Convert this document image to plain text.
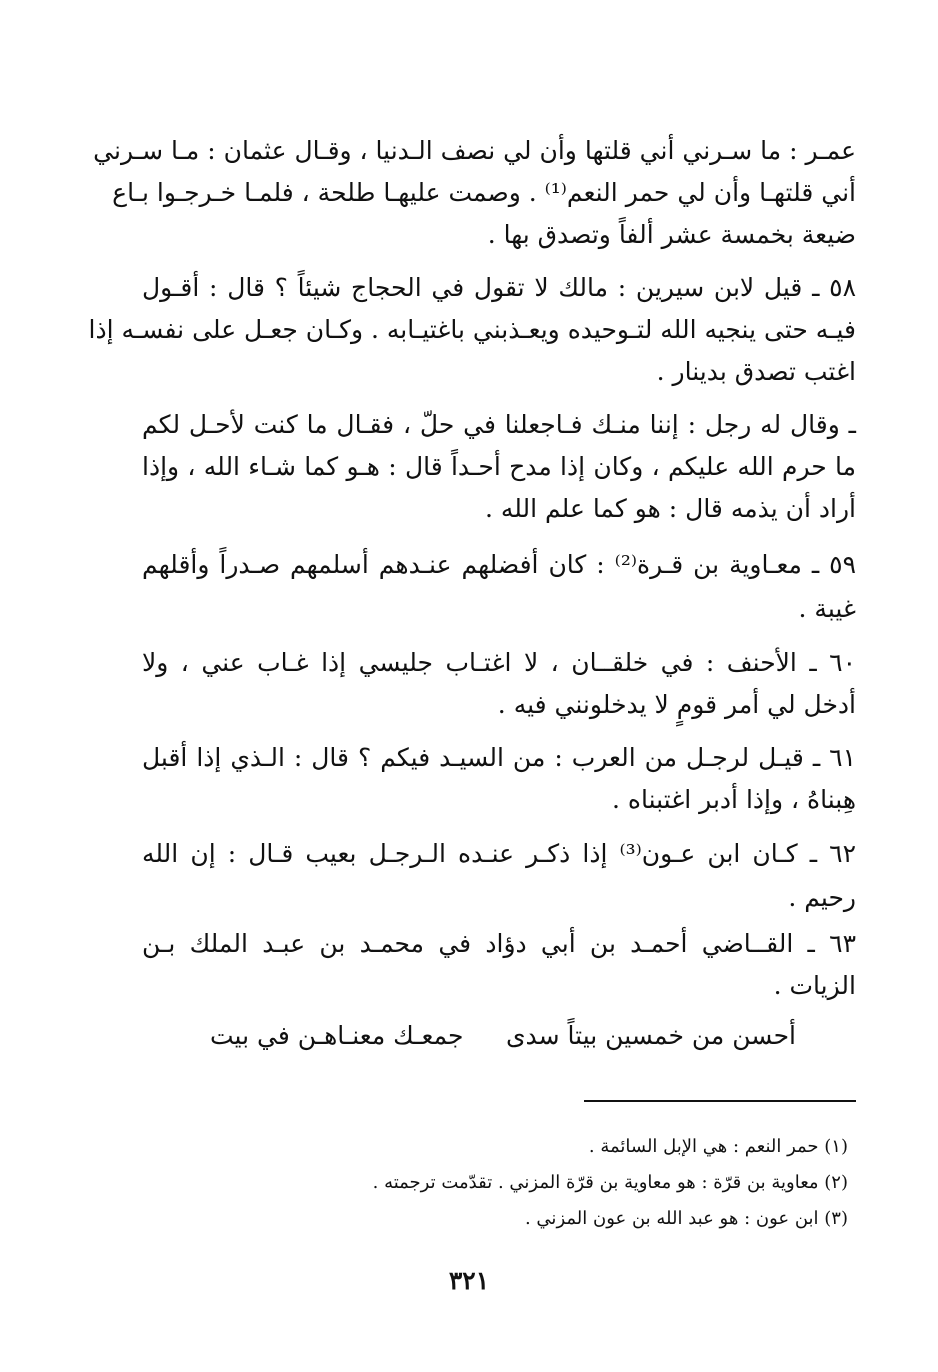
عمـر : ما سـرني أني قلتها وأن لي نصف الـدنيا ، وقـال عثمان : مـا سـرني
أني قلتهـا وأن لي حمر النعم⁽¹⁾ . وصمت عليهـا طلحة ، فلمـا خـرجـوا بـاع
ضيعة بخمسة عشر ألفاً وتصدق بها .
٥٨ ـ قيل لابن سيرين : مالك لا تقول في الحجاج شيئاً ؟ قال : أقـول
فيـه حتى ينجيه الله لتـوحيده ويعـذبني باغتيـابه . وكـان جعـل على نفسـه إذا
اغتب تصدق بدينار .
ـ وقال له رجل : إننا منـك فـاجعلنا في حلّ ، فقـال ما كنت لأحـل لكم
ما حرم الله عليكم ، وكان إذا مدح أحـداً قال : هـو كما شـاء الله ، وإذا
أراد أن يذمه قال : هو كما علم الله .
٥٩ ـ معـاوية بن قـرة⁽²⁾ : كان أفضلهم عنـدهم أسلمهم صـدراً وأقلهم
غيبة .
٦٠ ـ الأحنف : في خلقــان ، لا اغتـاب جليسي إذا غـاب عني ، ولا
أدخل لي أمر قومٍ لا يدخلونني فيه .
٦١ ـ قيـل لرجـل من العرب : من السيـد فيكم ؟ قال : الـذي إذا أقبل
هِبناهُ ، وإذا أدبر اغتبناه .
٦٢ ـ كـان ابن عـون⁽³⁾ إذا ذكـر عنـده الـرجـل بعيب قـال : إن الله
رحيم .
٦٣ ـ القــاضي أحمـد بن أبي دؤاد في محمـد بن عبـد الملك بـن
الزيات .
أحسن من خمسين بيتاً سدى
جمعـك معنـاهـن في بيت
(١) حمر النعم : هي الإبل السائمة .
(٢) معاوية بن قرّة : هو معاوية بن قرّة المزني . تقدّمت ترجمته .
(٣) ابن عون : هو عبد الله بن عون المزني .
٣٢١
